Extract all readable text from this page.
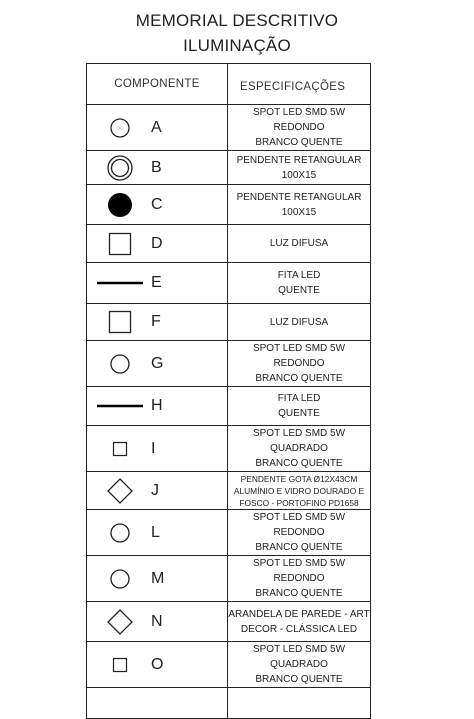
MEMORIAL DESCRITIVO
ILUMINAÇÃO
COMPONENTE	ESPECIFICAÇÕES

A	SPOT LED SMD 5W REDONDO
BRANCO QUENTE

B	PENDENTE RETANGULAR
100X15

C	PENDENTE RETANGULAR
100X15

D	LUZ DIFUSA

E	FITA LED
QUENTE

F	LUZ DIFUSA

G	SPOT LED SMD 5W REDONDO
BRANCO QUENTE

H	FITA LED
QUENTE

I	SPOT LED SMD 5W QUADRADO
BRANCO QUENTE

J	PENDENTE GOTA Ø12X43CM
ALUMÍNIO E VIDRO DOURADO E
FOSCO - PORTOFINO PD1658

L	SPOT LED SMD 5W REDONDO
BRANCO QUENTE

M	SPOT LED SMD 5W REDONDO
BRANCO QUENTE

N	ARANDELA DE PAREDE - ART
DECOR - CLÁSSICA LED

O	SPOT LED SMD 5W QUADRADO
BRANCO QUENTE
